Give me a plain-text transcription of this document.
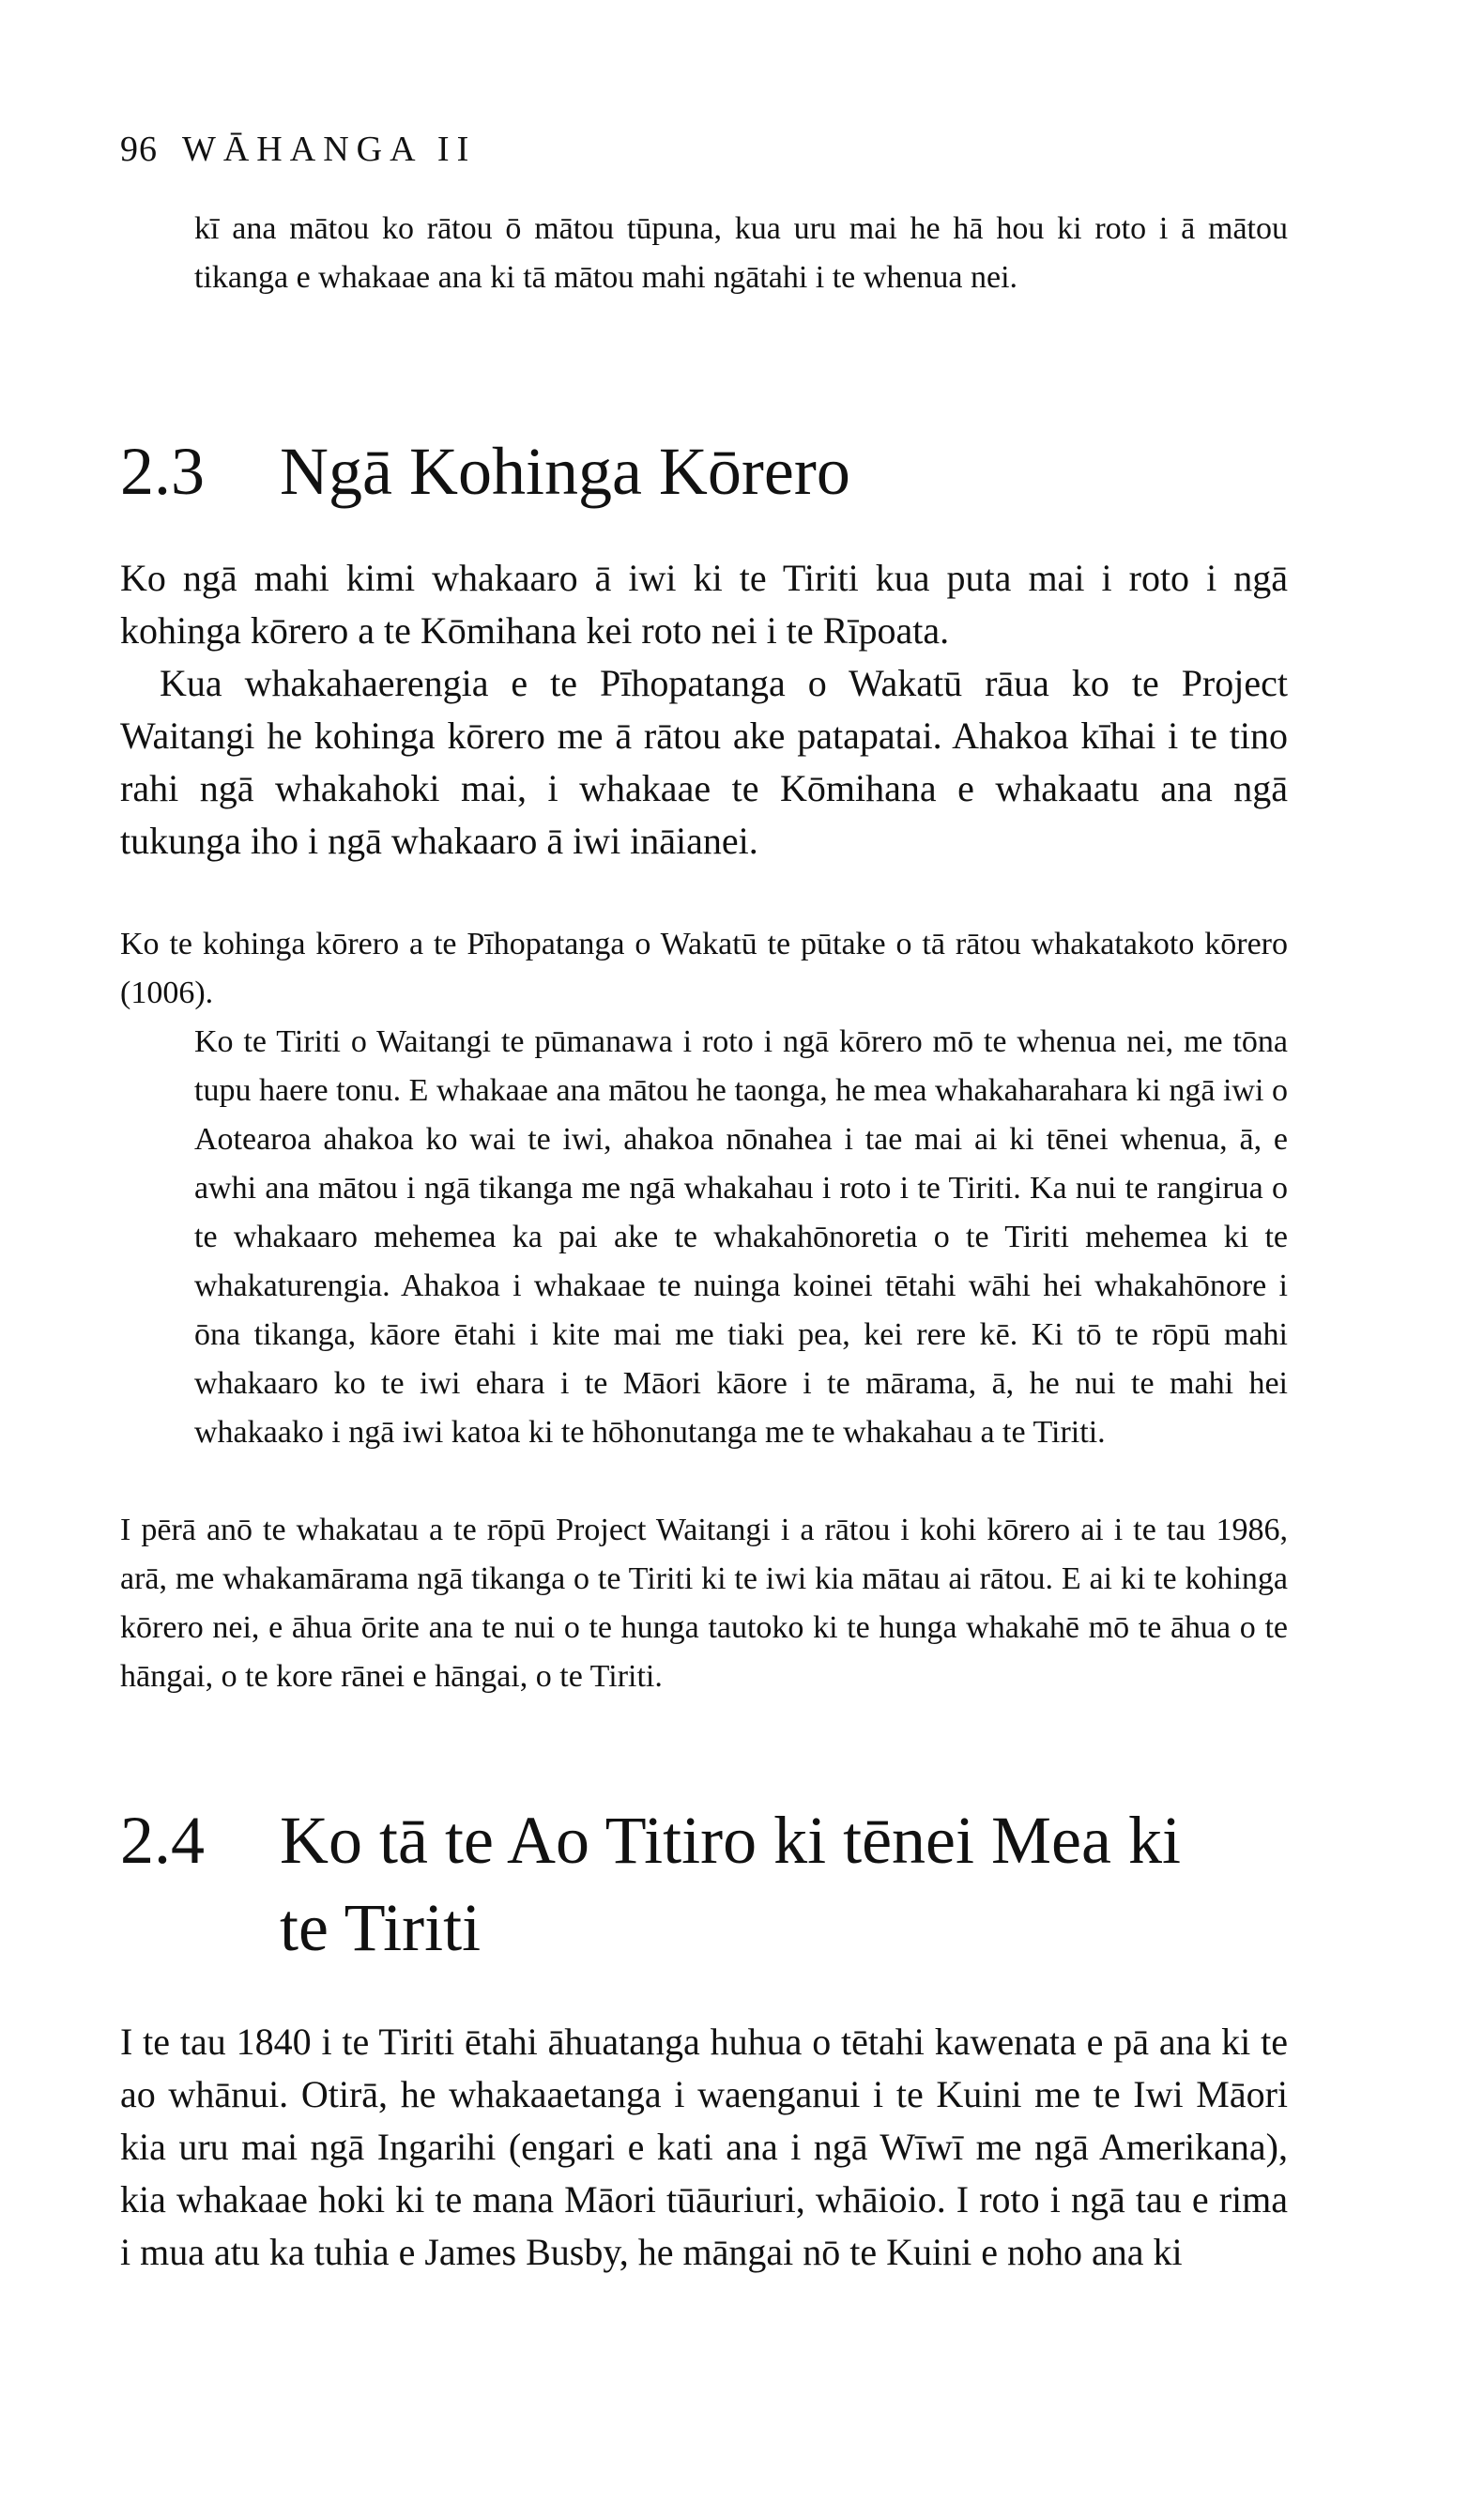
96 WĀHANGA II

kī ana mātou ko rātou ō mātou tūpuna, kua uru mai he hā hou ki roto i ā mātou tikanga e whakaae ana ki tā mātou mahi ngātahi i te whenua nei.

2.3 Ngā Kohinga Kōrero

Ko ngā mahi kimi whakaaro ā iwi ki te Tiriti kua puta mai i roto i ngā kohinga kōrero a te Kōmihana kei roto nei i te Rīpoata.

Kua whakahaerengia e te Pīhopatanga o Wakatū rāua ko te Project Waitangi he kohinga kōrero me ā rātou ake patapatai. Ahakoa kīhai i te tino rahi ngā whakahoki mai, i whakaae te Kōmihana e whakaatu ana ngā tukunga iho i ngā whakaaro ā iwi ināianei.

Ko te kohinga kōrero a te Pīhopatanga o Wakatū te pūtake o tā rātou whakatakoto kōrero (1006).

Ko te Tiriti o Waitangi te pūmanawa i roto i ngā kōrero mō te whenua nei, me tōna tupu haere tonu. E whakaae ana mātou he taonga, he mea whakaharahara ki ngā iwi o Aotearoa ahakoa ko wai te iwi, ahakoa nōnahea i tae mai ai ki tēnei whenua, ā, e awhi ana mātou i ngā tikanga me ngā whakahau i roto i te Tiriti. Ka nui te rangirua o te whakaaro mehemea ka pai ake te whakahōnoretia o te Tiriti mehemea ki te whakaturengia. Ahakoa i whakaae te nuinga koinei tētahi wāhi hei whakahōnore i ōna tikanga, kāore ētahi i kite mai me tiaki pea, kei rere kē. Ki tō te rōpū mahi whakaaro ko te iwi ehara i te Māori kāore i te mārama, ā, he nui te mahi hei whakaako i ngā iwi katoa ki te hōhonutanga me te whakahau a te Tiriti.

I pērā anō te whakatau a te rōpū Project Waitangi i a rātou i kohi kōrero ai i te tau 1986, arā, me whakamārama ngā tikanga o te Tiriti ki te iwi kia mātau ai rātou. E ai ki te kohinga kōrero nei, e āhua ōrite ana te nui o te hunga tautoko ki te hunga whakahē mō te āhua o te hāngai, o te kore rānei e hāngai, o te Tiriti.

2.4 Ko tā te Ao Titiro ki tēnei Mea ki
te Tiriti

I te tau 1840 i te Tiriti ētahi āhuatanga huhua o tētahi kawenata e pā ana ki te ao whānui. Otirā, he whakaaetanga i waenganui i te Kuini me te Iwi Māori kia uru mai ngā Ingarihi (engari e kati ana i ngā Wīwī me ngā Amerikana), kia whakaae hoki ki te mana Māori tūāuriuri, whāioio. I roto i ngā tau e rima i mua atu ka tuhia e James Busby, he māngai nō te Kuini e noho ana ki
